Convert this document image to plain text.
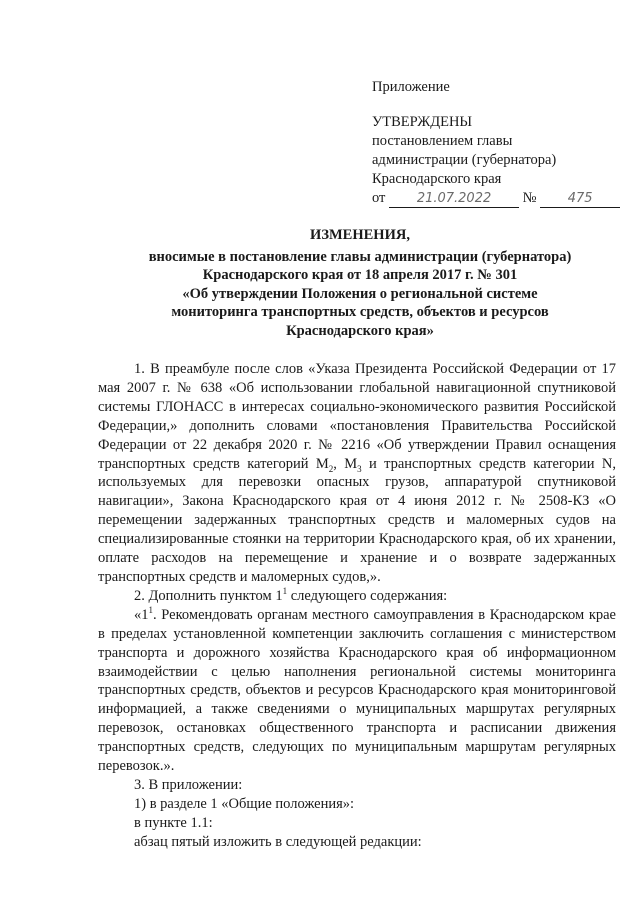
Приложение
УТВЕРЖДЕНЫ
постановлением главы
администрации (губернатора)
Краснодарского края
от 21.07.2022 № 475
ИЗМЕНЕНИЯ,
вносимые в постановление главы администрации (губернатора)
Краснодарского края от 18 апреля 2017 г. № 301
«Об утверждении Положения о региональной системе
мониторинга транспортных средств, объектов и ресурсов
Краснодарского края»

1. В преамбуле после слов «Указа Президента Российской Федерации от 17 мая 2007 г. № 638 «Об использовании глобальной навигационной спутниковой системы ГЛОНАСС в интересах социально-экономического развития Российской Федерации,» дополнить словами «постановления Правительства Российской Федерации от 22 декабря 2020 г. № 2216 «Об утверждении Правил оснащения транспортных средств категорий $M_2$, $M_3$ и транспортных средств категории N, используемых для перевозки опасных грузов, аппаратурой спутниковой навигации», Закона Краснодарского края от 4 июня 2012 г. № 2508-КЗ «О перемещении задержанных транспортных средств и маломерных судов на специализированные стоянки на территории Краснодарского края, об их хранении, оплате расходов на перемещение и хранение и о возврате задержанных транспортных средств и маломерных судов,».

2. Дополнить пунктом $1^1$ следующего содержания:

«$1^1$. Рекомендовать органам местного самоуправления в Краснодарском крае в пределах установленной компетенции заключить соглашения с министерством транспорта и дорожного хозяйства Краснодарского края об информационном взаимодействии с целью наполнения региональной системы мониторинга транспортных средств, объектов и ресурсов Краснодарского края мониторинговой информацией, а также сведениями о муниципальных маршрутах регулярных перевозок, остановках общественного транспорта и расписании движения транспортных средств, следующих по муниципальным маршрутам регулярных перевозок.».

3. В приложении:

1) в разделе 1 «Общие положения»:

в пункте 1.1:

абзац пятый изложить в следующей редакции:
